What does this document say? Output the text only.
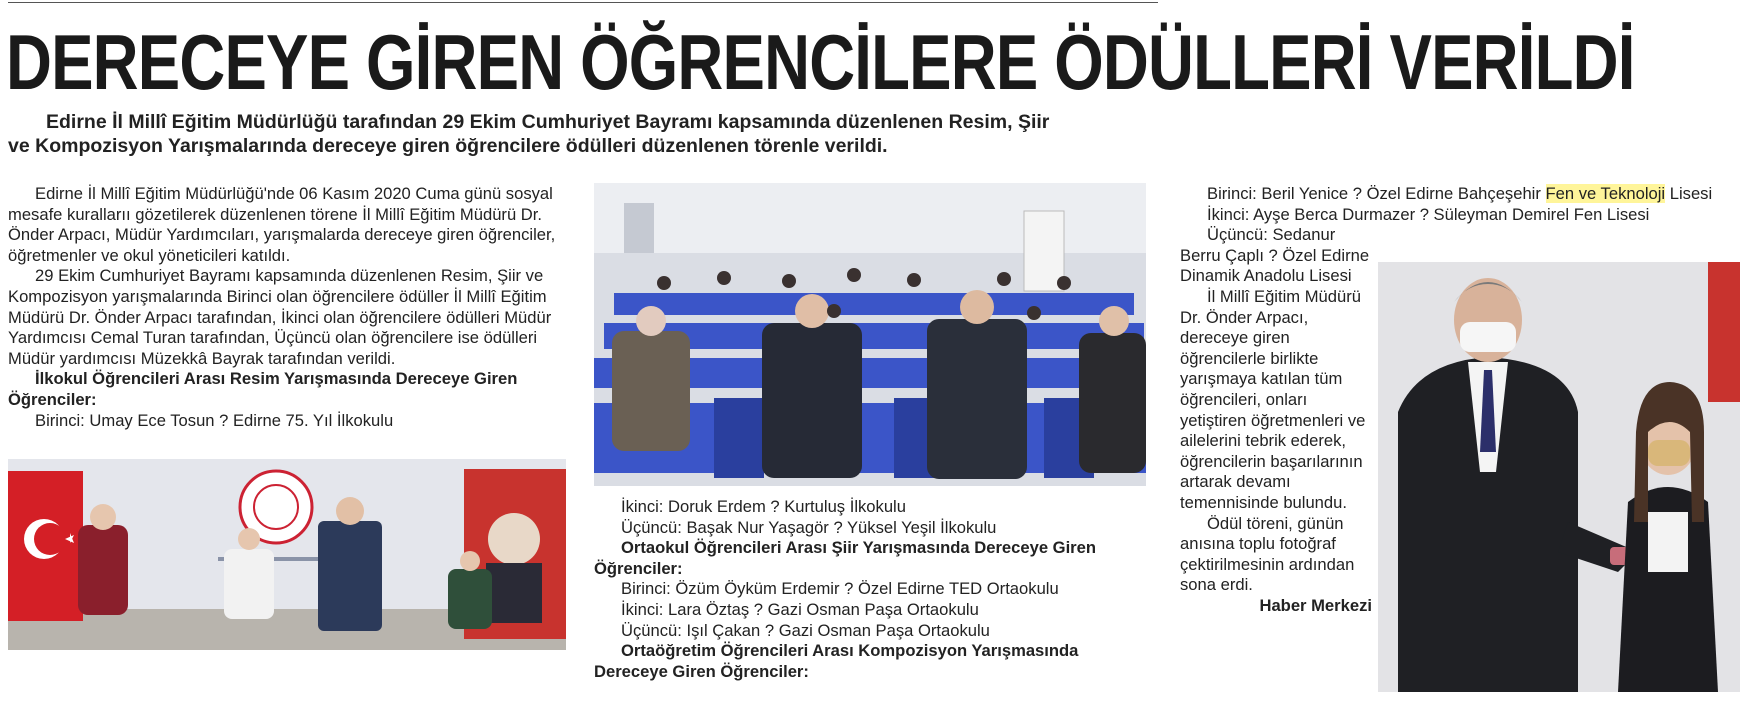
DERECEYE GİREN ÖĞRENCİLERE ÖDÜLLERİ VERİLDİ

Edirne İl Millî Eğitim Müdürlüğü tarafından 29 Ekim Cumhuriyet Bayramı kapsamında düzenlenen Resim, Şiir

ve Kompozisyon Yarışmalarında dereceye giren öğrencilere ödülleri düzenlenen törenle verildi.

Edirne İl Millî Eğitim Müdürlüğü'nde 06 Kasım 2020 Cuma günü sosyal mesafe kurallarıı gözetilerek düzenlenen törene İl Millî Eğitim Müdürü Dr. Önder Arpacı, Müdür Yardımcıları, yarışmalarda dereceye giren öğrenciler, öğretmenler ve okul yöneticileri katıldı.

29 Ekim Cumhuriyet Bayramı kapsamında düzenlenen Resim, Şiir ve Kompozisyon yarışmalarında Birinci olan öğrencilere ödüller İl Millî Eğitim Müdürü Dr. Önder Arpacı tarafından, İkinci olan öğrencilere ödülleri Müdür Yardımcısı Cemal Turan tarafından, Üçüncü olan öğrencilere ise ödülleri Müdür yardımcısı Müzekkâ Bayrak tarafından verildi.

İlkokul Öğrencileri Arası Resim Yarışmasında Dereceye Giren Öğrenciler:

Birinci: Umay Ece Tosun ? Edirne 75. Yıl İlkokulu

İkinci: Doruk Erdem ? Kurtuluş İlkokulu

Üçüncü: Başak Nur Yaşagör ? Yüksel Yeşil İlkokulu

Ortaokul Öğrencileri Arası Şiir Yarışmasında Dereceye Giren Öğrenciler:

Birinci: Özüm Öyküm Erdemir ? Özel Edirne TED Ortaokulu

İkinci: Lara Öztaş ? Gazi Osman Paşa Ortaokulu

Üçüncü: Işıl Çakan ? Gazi Osman Paşa Ortaokulu

Ortaöğretim Öğrencileri Arası Kompozisyon Yarışmasında Dereceye Giren Öğrenciler:

Birinci: Beril Yenice ? Özel Edirne Bahçeşehir Fen ve Teknoloji Lisesi

İkinci: Ayşe Berca Durmazer ? Süleyman Demirel Fen Lisesi

Üçüncü: Sedanur Berru Çaplı ? Özel Edirne Dinamik Anadolu Lisesi

İl Millî Eğitim Müdürü Dr. Önder Arpacı, dereceye giren öğrencilerle birlikte yarışmaya katılan tüm öğrencileri, onları yetiştiren öğretmenleri ve ailelerini tebrik ederek, öğrencilerin başarılarının artarak devamı temennisinde bulundu.

Ödül töreni, günün anısına toplu fotoğraf çektirilmesinin ardından sona erdi.

Haber Merkezi
